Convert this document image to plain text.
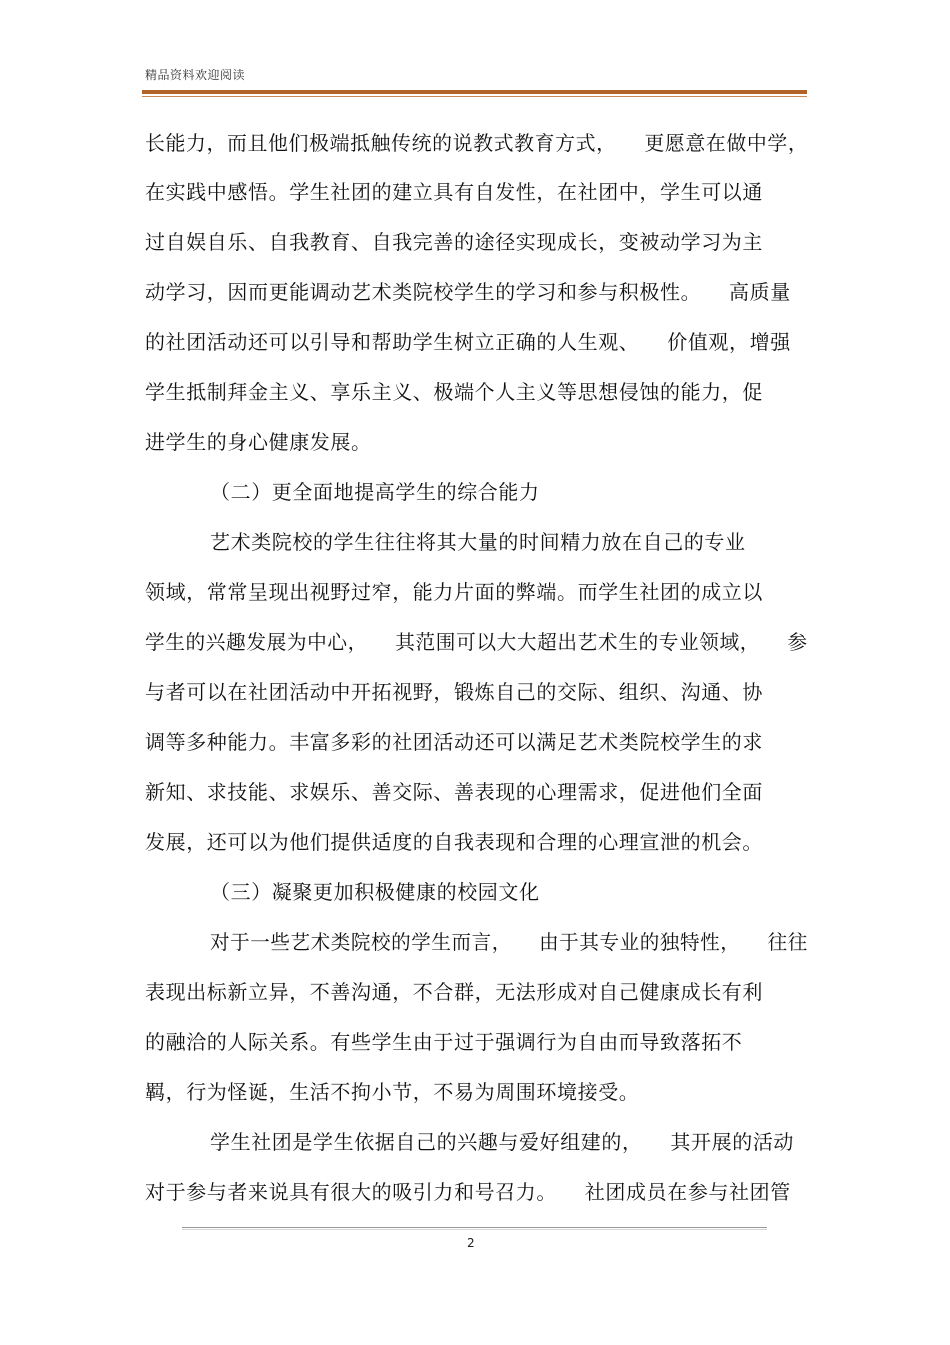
精品资料欢迎阅读
长能力，而且他们极端抵触传统的说教式教育方式，    更愿意在做中学，
在实践中感悟。学生社团的建立具有自发性，在社团中，学生可以通
过自娱自乐、自我教育、自我完善的途径实现成长，变被动学习为主
动学习，因而更能调动艺术类院校学生的学习和参与积极性。    高质量
的社团活动还可以引导和帮助学生树立正确的人生观、    价值观，增强
学生抵制拜金主义、享乐主义、极端个人主义等思想侵蚀的能力，促
进学生的身心健康发展。
（二）更全面地提高学生的综合能力
艺术类院校的学生往往将其大量的时间精力放在自己的专业
领域，常常呈现出视野过窄，能力片面的弊端。而学生社团的成立以
学生的兴趣发展为中心，    其范围可以大大超出艺术生的专业领域，    参
与者可以在社团活动中开拓视野，锻炼自己的交际、组织、沟通、协
调等多种能力。丰富多彩的社团活动还可以满足艺术类院校学生的求
新知、求技能、求娱乐、善交际、善表现的心理需求，促进他们全面
发展，还可以为他们提供适度的自我表现和合理的心理宣泄的机会。
（三）凝聚更加积极健康的校园文化
对于一些艺术类院校的学生而言，    由于其专业的独特性，    往往
表现出标新立异，不善沟通，不合群，无法形成对自己健康成长有利
的融洽的人际关系。有些学生由于过于强调行为自由而导致落拓不
羁，行为怪诞，生活不拘小节，不易为周围环境接受。
学生社团是学生依据自己的兴趣与爱好组建的，    其开展的活动
对于参与者来说具有很大的吸引力和号召力。    社团成员在参与社团管
2
